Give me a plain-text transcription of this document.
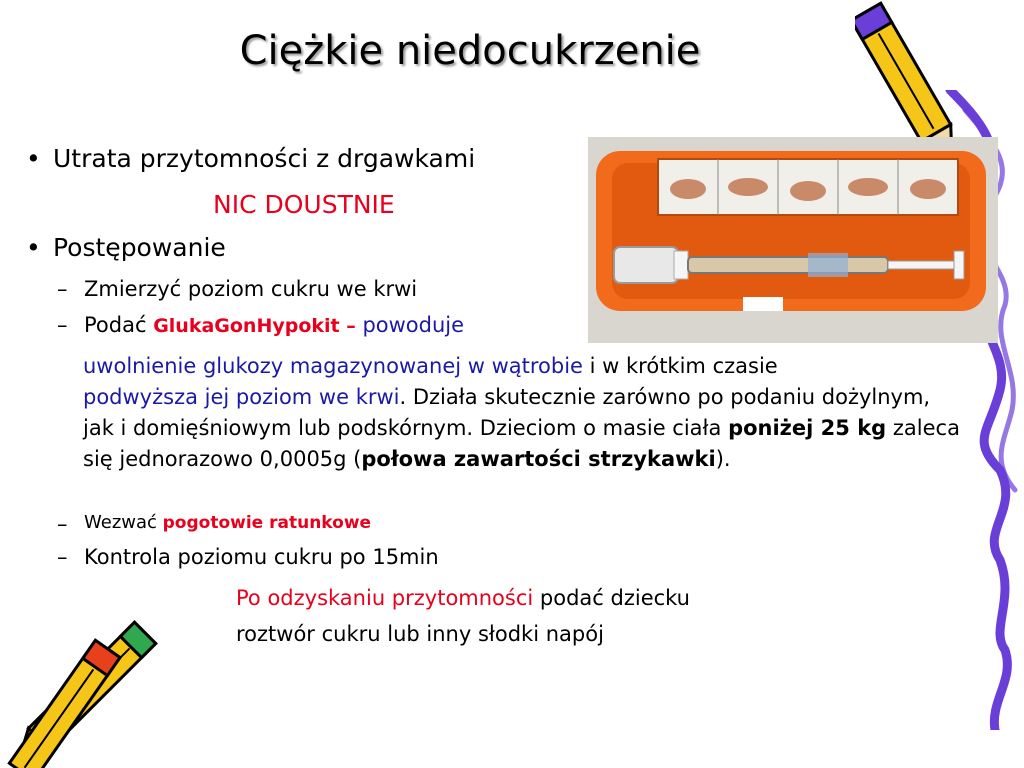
Ciężkie niedocukrzenie
• Utrata przytomności z drgawkami
NIC DOUSTNIE
• Postępowanie
– Zmierzyć poziom cukru we krwi
– Podać GlukaGonHypokit – powoduje
uwolnienie glukozy magazynowanej w wątrobie i w krótkim czasie
podwyższa jej poziom we krwi. Działa skutecznie zarówno po podaniu dożylnym, jak i domięśniowym lub podskórnym. Dzieciom o masie ciała poniżej 25 kg zaleca się jednorazowo 0,0005g (połowa zawartości strzykawki).
– Wezwać pogotowie ratunkowe
– Kontrola poziomu cukru po 15min
Po odzyskaniu przytomności podać dziecku
roztwór cukru lub inny słodki napój
